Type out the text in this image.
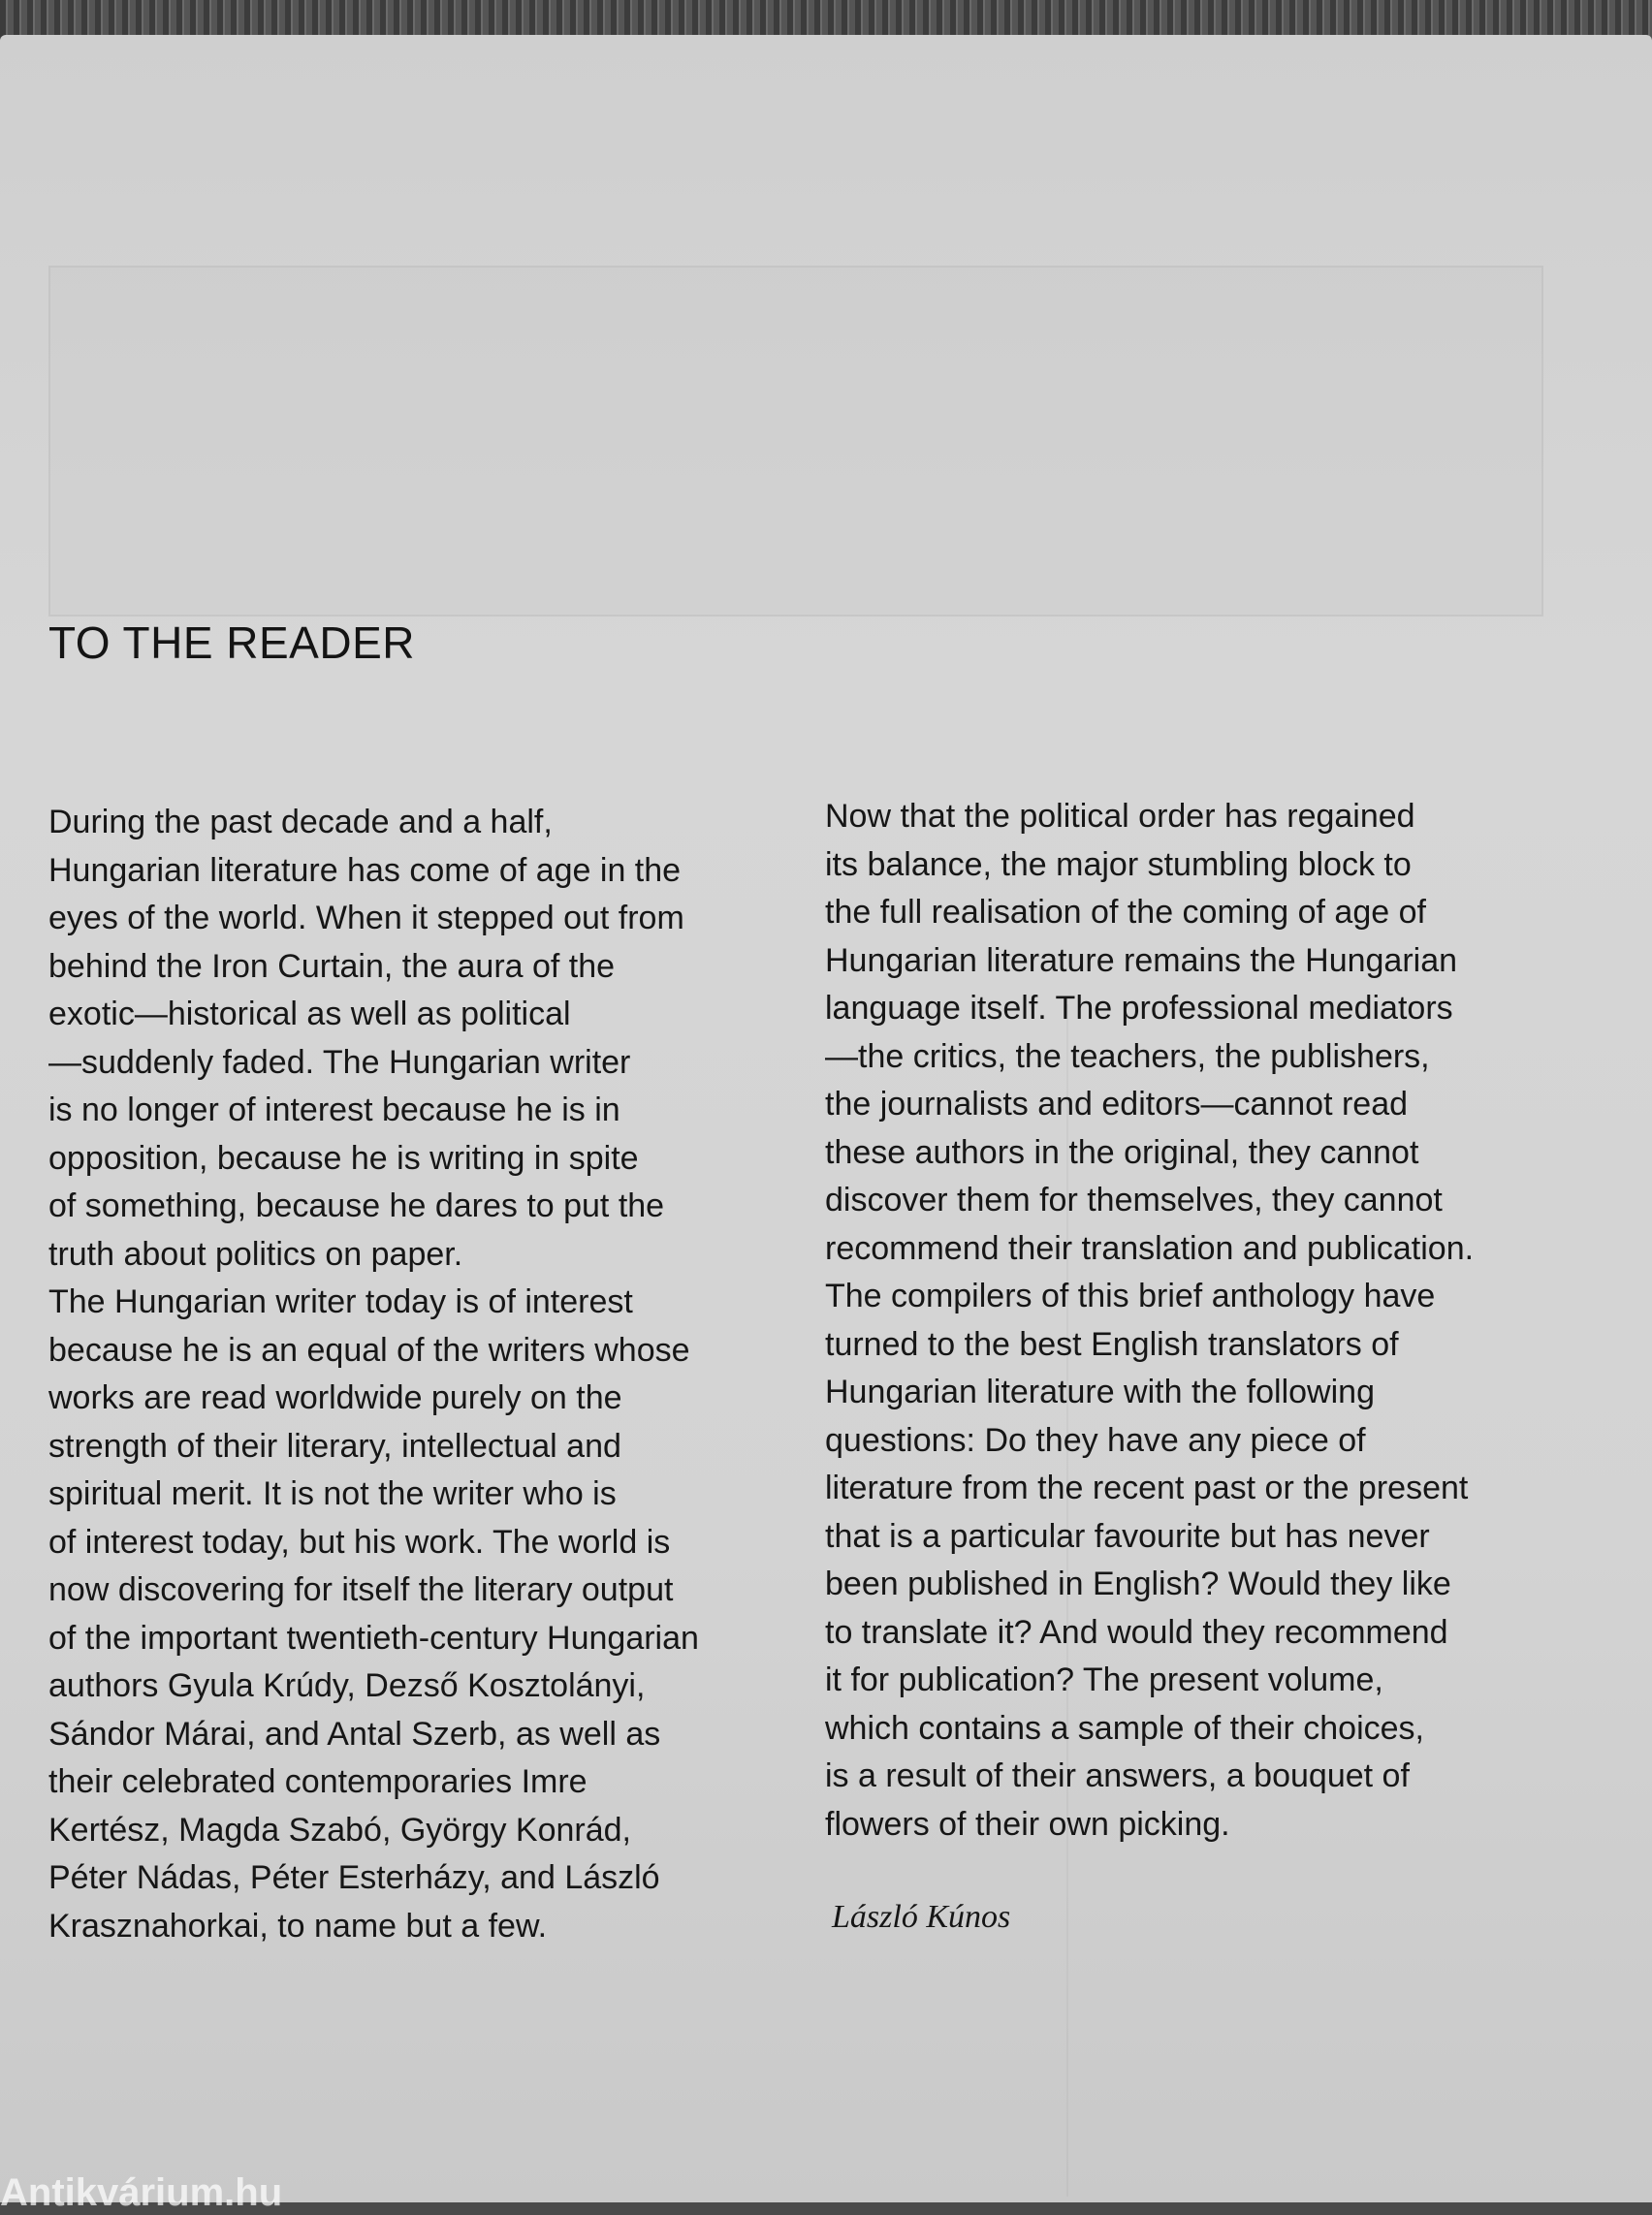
TO THE READER
During the past decade and a half,
Hungarian literature has come of age in the
eyes of the world. When it stepped out from
behind the Iron Curtain, the aura of the
exotic—historical as well as political
—suddenly faded. The Hungarian writer
is no longer of interest because he is in
opposition, because he is writing in spite
of something, because he dares to put the
truth about politics on paper.
The Hungarian writer today is of interest
because he is an equal of the writers whose
works are read worldwide purely on the
strength of their literary, intellectual and
spiritual merit. It is not the writer who is
of interest today, but his work. The world is
now discovering for itself the literary output
of the important twentieth-century Hungarian
authors Gyula Krúdy, Dezső Kosztolányi,
Sándor Márai, and Antal Szerb, as well as
their celebrated contemporaries Imre
Kertész, Magda Szabó, György Konrád,
Péter Nádas, Péter Esterházy, and László
Krasznahorkai, to name but a few.
Now that the political order has regained
its balance, the major stumbling block to
the full realisation of the coming of age of
Hungarian literature remains the Hungarian
language itself. The professional mediators
—the critics, the teachers, the publishers,
the journalists and editors—cannot read
these authors in the original, they cannot
discover them for themselves, they cannot
recommend their translation and publication.
The compilers of this brief anthology have
turned to the best English translators of
Hungarian literature with the following
questions: Do they have any piece of
literature from the recent past or the present
that is a particular favourite but has never
been published in English? Would they like
to translate it? And would they recommend
it for publication? The present volume,
which contains a sample of their choices,
is a result of their answers, a bouquet of
flowers of their own picking.
László Kúnos
Antikvárium.hu
